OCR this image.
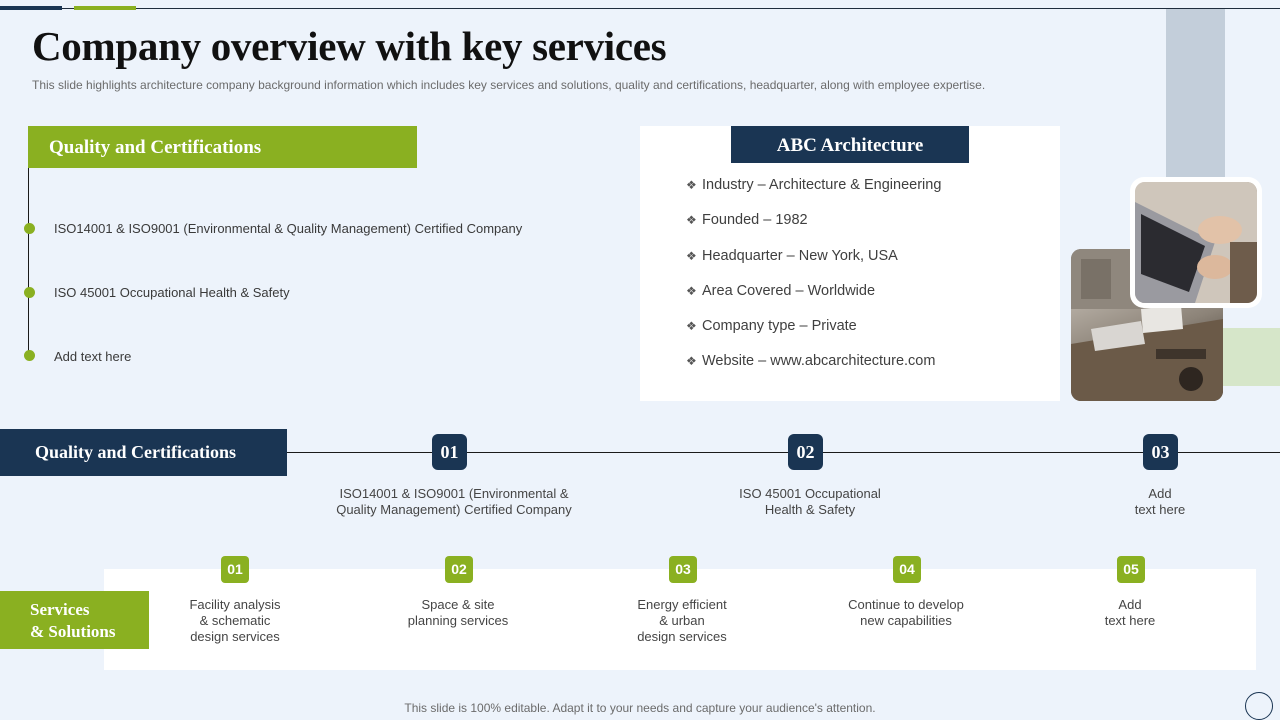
Company overview with key services

This slide highlights architecture company background information which includes key services and solutions, quality and certifications, headquarter, along with employee expertise.

Quality and Certifications
ISO14001 & ISO9001 (Environmental & Quality Management) Certified Company
ISO 45001 Occupational Health & Safety
Add text here
ABC Architecture
❖ Industry – Architecture & Engineering
❖ Founded – 1982
❖ Headquarter – New York, USA
❖ Area Covered – Worldwide
❖ Company type – Private
❖ Website – www.abcarchitecture.com
Quality and Certifications	01	02	03
ISO14001 & ISO9001 (Environmental &
Quality Management) Certified Company
ISO 45001 Occupational
Health & Safety
Add
text here
Services
& Solutions
01	02	03	04	05
Facility analysis
& schematic
design services
Space & site
planning services
Energy efficient
& urban
design services
Continue to develop
new capabilities
Add
text here
This slide is 100% editable. Adapt it to your needs and capture your audience's attention.
